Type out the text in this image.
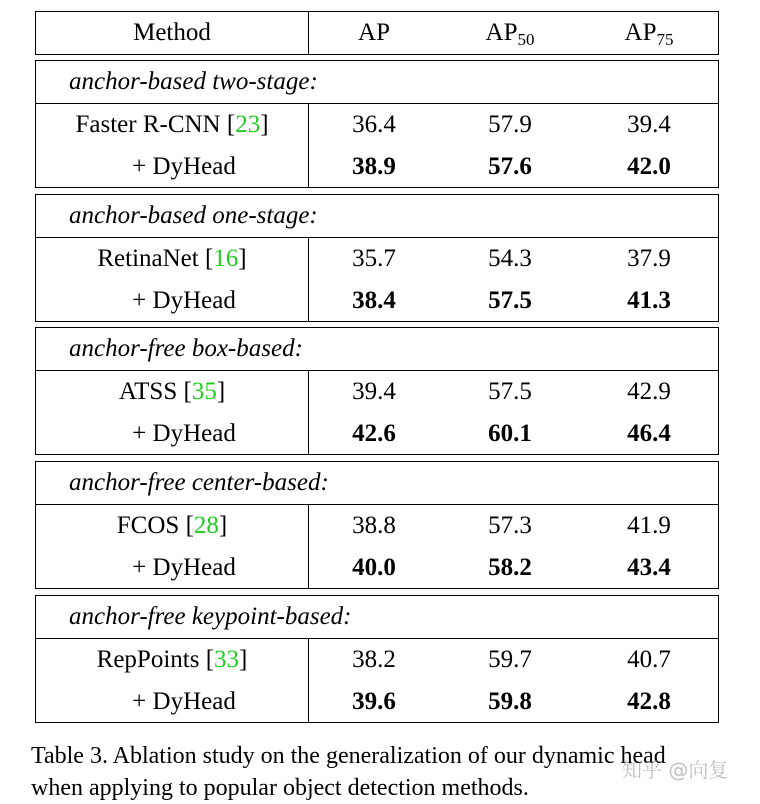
Method	AP	$AP_{50}$	$AP_{75}$
anchor-based two-stage:
Faster R-CNN [23]	36.4	57.9	39.4
+ DyHead	38.9	57.6	42.0
anchor-based one-stage:
RetinaNet [16]	35.7	54.3	37.9
+ DyHead	38.4	57.5	41.3
anchor-free box-based:
ATSS [35]	39.4	57.5	42.9
+ DyHead	42.6	60.1	46.4
anchor-free center-based:
FCOS [28]	38.8	57.3	41.9
+ DyHead	40.0	58.2	43.4
anchor-free keypoint-based:
RepPoints [33]	38.2	59.7	40.7
+ DyHead	39.6	59.8	42.8
Table 3. Ablation study on the generalization of our dynamic head
when applying to popular object detection methods.
知乎 @向复
